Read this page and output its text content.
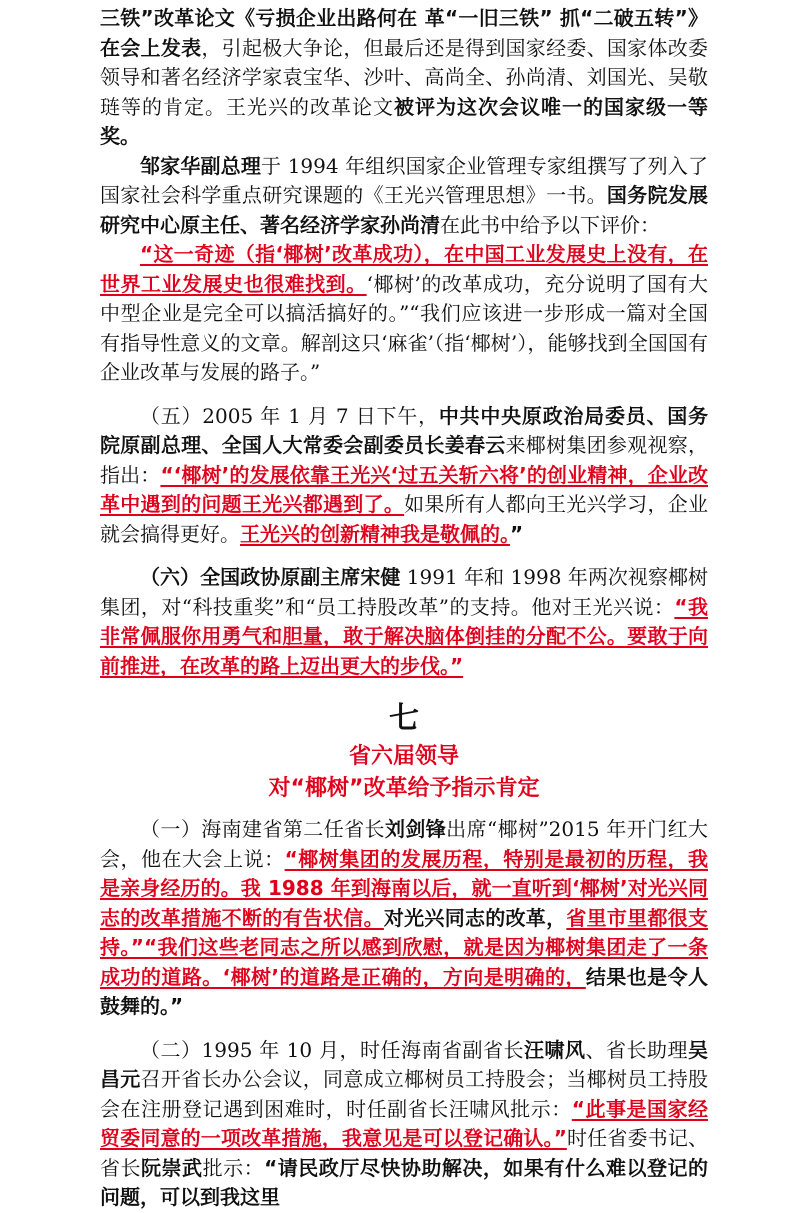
三铁”改革论文《亏损企业出路何在 革“一旧三铁” 抓“二破五转”》在会上发表，引起极大争论，但最后还是得到国家经委、国家体改委领导和著名经济学家袁宝华、沙叶、高尚全、孙尚清、刘国光、吴敬琏等的肯定。王光兴的改革论文被评为这次会议唯一的国家级一等奖。

邹家华副总理于 1994 年组织国家企业管理专家组撰写了列入了国家社会科学重点研究课题的《王光兴管理思想》一书。国务院发展研究中心原主任、著名经济学家孙尚清在此书中给予以下评价：

“这一奇迹（指‘椰树’改革成功），在中国工业发展史上没有，在世界工业发展史也很难找到。‘椰树’的改革成功，充分说明了国有大中型企业是完全可以搞活搞好的。”“我们应该进一步形成一篇对全国有指导性意义的文章。解剖这只‘麻雀’（指‘椰树’），能够找到全国国有企业改革与发展的路子。”

（五）2005 年 1 月 7 日下午，中共中央原政治局委员、国务院原副总理、全国人大常委会副委员长姜春云来椰树集团参观视察，指出：“‘椰树’的发展依靠王光兴‘过五关斩六将’的创业精神，企业改革中遇到的问题王光兴都遇到了。如果所有人都向王光兴学习，企业就会搞得更好。王光兴的创新精神我是敬佩的。”

（六）全国政协原副主席宋健 1991 年和 1998 年两次视察椰树集团，对“科技重奖”和“员工持股改革”的支持。他对王光兴说：“我非常佩服你用勇气和胆量，敢于解决脑体倒挂的分配不公。要敢于向前推进，在改革的路上迈出更大的步伐。”

七
省六届领导
对“椰树”改革给予指示肯定

（一）海南建省第二任省长刘剑锋出席“椰树”2015 年开门红大会，他在大会上说：“椰树集团的发展历程，特别是最初的历程，我是亲身经历的。我 1988 年到海南以后，就一直听到‘椰树’对光兴同志的改革措施不断的有告状信。对光兴同志的改革，省里市里都很支持。”“我们这些老同志之所以感到欣慰，就是因为椰树集团走了一条成功的道路。‘椰树’的道路是正确的，方向是明确的，结果也是令人鼓舞的。”

（二）1995 年 10 月，时任海南省副省长汪啸风、省长助理吴昌元召开省长办公会议，同意成立椰树员工持股会；当椰树员工持股会在注册登记遇到困难时，时任副省长汪啸风批示：“此事是国家经贸委同意的一项改革措施，我意见是可以登记确认。”时任省委书记、省长阮崇武批示：“请民政厅尽快协助解决，如果有什么难以登记的问题，可以到我这里
